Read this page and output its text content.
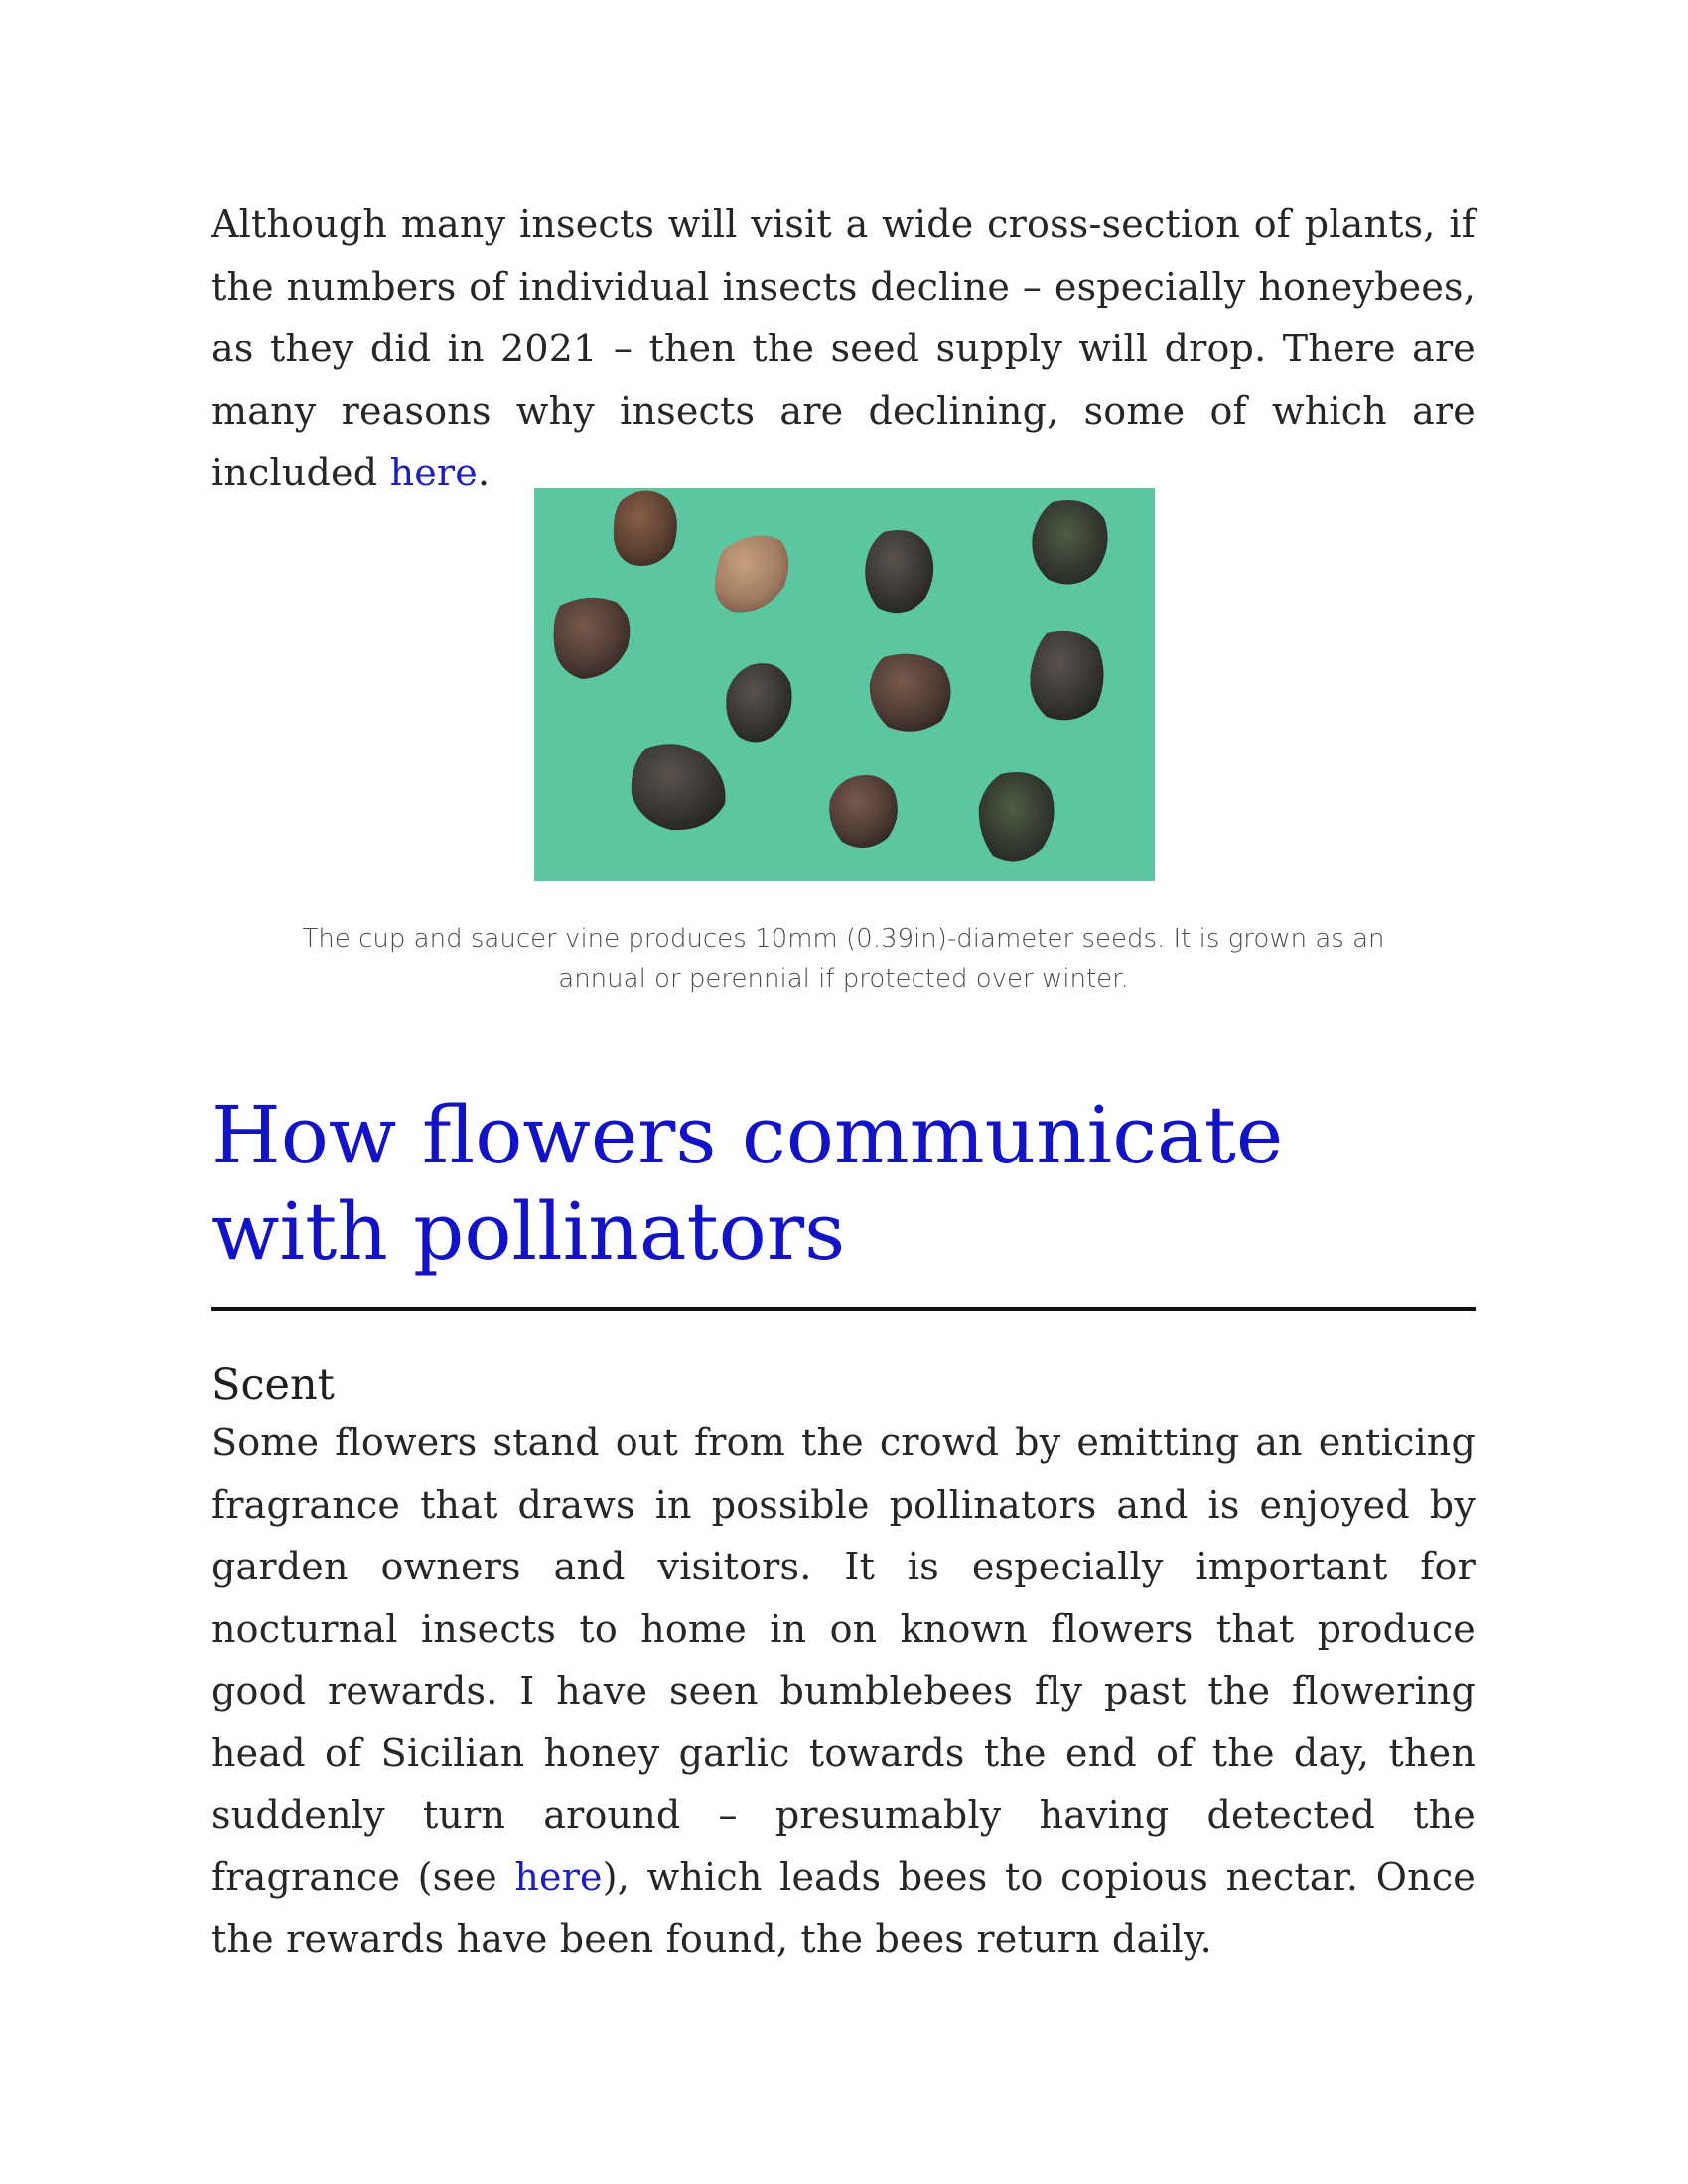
Although many insects will visit a wide cross-section of plants, if the numbers of individual insects decline – especially honeybees, as they did in 2021 – then the seed supply will drop. There are many reasons why insects are declining, some of which are included here.

The cup and saucer vine produces 10mm (0.39in)-diameter seeds. It is grown as an annual or perennial if protected over winter.
How flowers communicate with pollinators
Scent

Some flowers stand out from the crowd by emitting an enticing fragrance that draws in possible pollinators and is enjoyed by garden owners and visitors. It is especially important for nocturnal insects to home in on known flowers that produce good rewards. I have seen bumblebees fly past the flowering head of Sicilian honey garlic towards the end of the day, then suddenly turn around – presumably having detected the fragrance (see here), which leads bees to copious nectar. Once the rewards have been found, the bees return daily.
